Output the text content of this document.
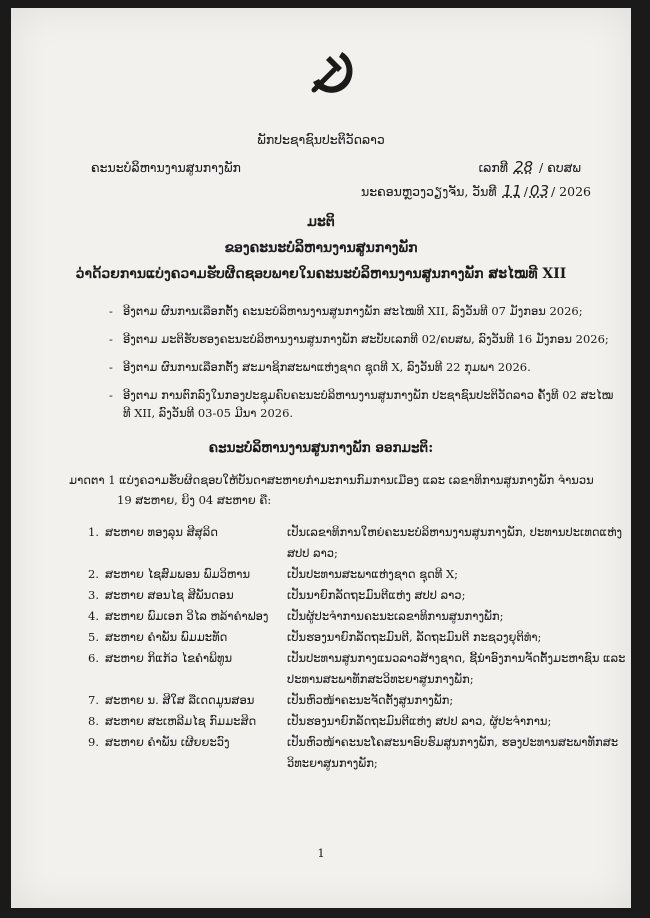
ພັກປະຊາຊົນປະຕິວັດລາວ
ຄະນະບໍລິຫານງານສູນກາງພັກ	ເລກທີ 28 / ຄບສພ
ນະຄອນຫຼວງວຽງຈັນ, ວັນທີ 11 / 03 / 2026
ມະຕິ
ຂອງຄະນະບໍລິຫານງານສູນກາງພັກ
ວ່າດ້ວຍການແບ່ງຄວາມຮັບຜິດຊອບພາຍໃນຄະນະບໍລິຫານງານສູນກາງພັກ ສະໄໝທີ XII
- ອີງຕາມ ຜົນການເລືອກຕັ້ງ ຄະນະບໍລິຫານງານສູນກາງພັກ ສະໄໝທີ XII, ລົງວັນທີ 07 ມັງກອນ 2026;
- ອີງຕາມ ມະຕິຮັບຮອງຄະນະບໍລິຫານງານສູນກາງພັກ ສະບັບເລກທີ 02/ຄບສພ, ລົງວັນທີ 16 ມັງກອນ 2026;
- ອີງຕາມ ຜົນການເລືອກຕັ້ງ ສະມາຊິກສະພາແຫ່ງຊາດ ຊຸດທີ X, ລົງວັນທີ 22 ກຸມພາ 2026.
- ອີງຕາມ ການຕົກລົງໃນກອງປະຊຸມຄົບຄະນະບໍລິຫານງານສູນກາງພັກ ປະຊາຊົນປະຕິວັດລາວ ຄັ້ງທີ 02 ສະໄໝທີ XII, ລົງວັນທີ 03-05 ມີນາ 2026.
ຄະນະບໍລິຫານງານສູນກາງພັກ ອອກມະຕິ:
ມາດຕາ 1 ແບ່ງຄວາມຮັບຜິດຊອບໃຫ້ບັນດາສະຫາຍກຳມະການກົມການເມືອງ ແລະ ເລຂາທິການສູນກາງພັກ ຈຳນວນ
19 ສະຫາຍ, ຍິງ 04 ສະຫາຍ ຄື:
1. ສະຫາຍ ທອງລຸນ ສີສຸລິດ	ເປັນເລຂາທິການໃຫຍ່ຄະນະບໍລິຫານງານສູນກາງພັກ, ປະທານປະເທດແຫ່ງ ສປປ ລາວ;
2. ສະຫາຍ ໄຊສົມພອນ ພົມວິຫານ	ເປັນປະທານສະພາແຫ່ງຊາດ ຊຸດທີ X;
3. ສະຫາຍ ສອນໄຊ ສີພັນດອນ	ເປັນນາຍົກລັດຖະມົນຕີແຫ່ງ ສປປ ລາວ;
4. ສະຫາຍ ພົມເອກ ວິໄລ ຫລ້າຄຳຟອງ	ເປັນຜູ້ປະຈຳການຄະນະເລຂາທິການສູນກາງພັກ;
5. ສະຫາຍ ຄຳພັນ ພົມມະທັດ	ເປັນຮອງນາຍົກລັດຖະມົນຕີ, ລັດຖະມົນຕີ ກະຊວງຍຸຕິທຳ;
6. ສະຫາຍ ກິແກ້ວ ໄຂຄຳພິທູນ	ເປັນປະທານສູນກາງແນວລາວສ້າງຊາດ, ຊີ້ນຳອົງການຈັດຕັ້ງມະຫາຊົນ ແລະ ປະທານສະພາທັກສະວິທະຍາສູນກາງພັກ;
7. ສະຫາຍ ນ. ສີໃສ ລືເດດມູນສອນ	ເປັນຫົວໜ້າຄະນະຈັດຕັ້ງສູນກາງພັກ;
8. ສະຫາຍ ສະເຫລີມໄຊ ກົມມະສິດ	ເປັນຮອງນາຍົກລັດຖະມົນຕີແຫ່ງ ສປປ ລາວ, ຜູ້ປະຈຳການ;
9. ສະຫາຍ ຄຳພັນ ເຜີຍຍະວົງ	ເປັນຫົວໜ້າຄະນະໂຄສະນາອົບຮົມສູນກາງພັກ, ຮອງປະທານສະພາທັກສະວິທະຍາສູນກາງພັກ;
1
